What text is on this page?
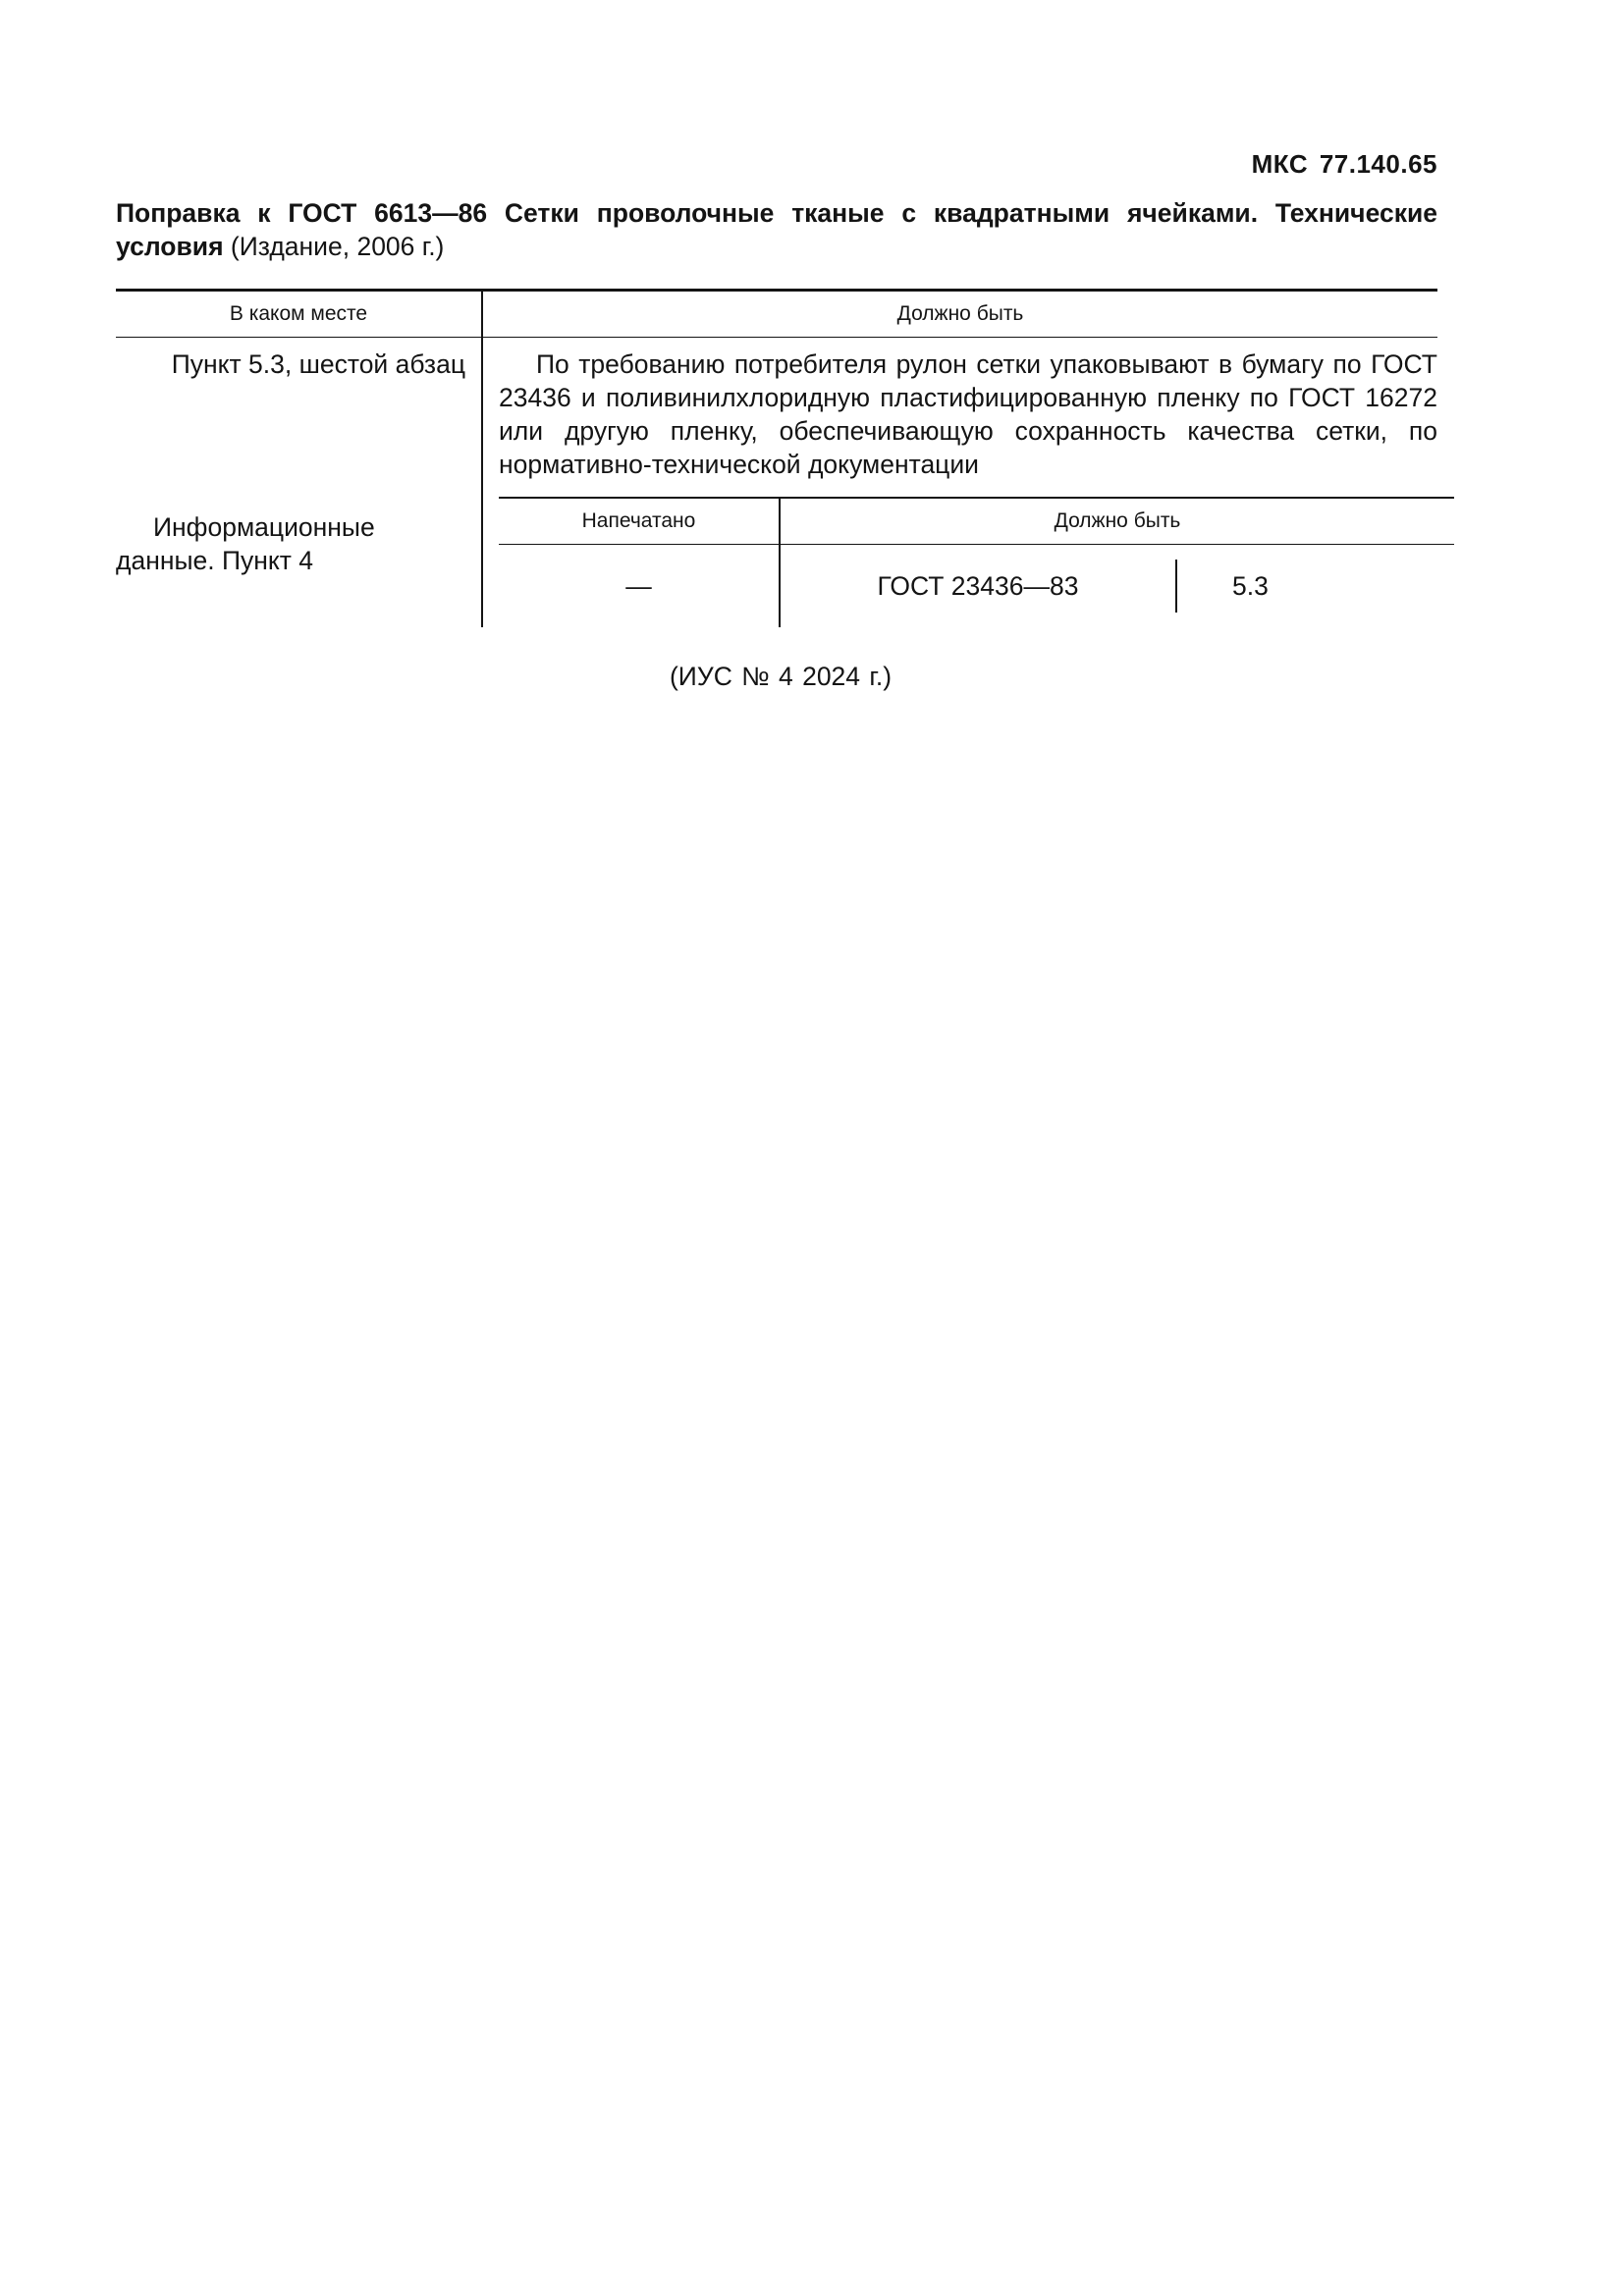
МКС 77.140.65
Поправка к ГОСТ 6613—86 Сетки проволочные тканые с квадратными ячейками. Технические условия (Издание, 2006 г.)
В каком месте	Должно быть
Пункт 5.3, шестой абзац	По требованию потребителя рулон сетки упаковывают в бумагу по ГОСТ 23436 и поливинилхлоридную пластифицированную пленку по ГОСТ 16272 или другую пленку, обеспечивающую сохранность качества сетки, по нормативно-технической документации
Информационные данные. Пункт 4	
Напечатано	Должно быть
—	ГОСТ 23436—83	5.3
(ИУС № 4 2024 г.)
